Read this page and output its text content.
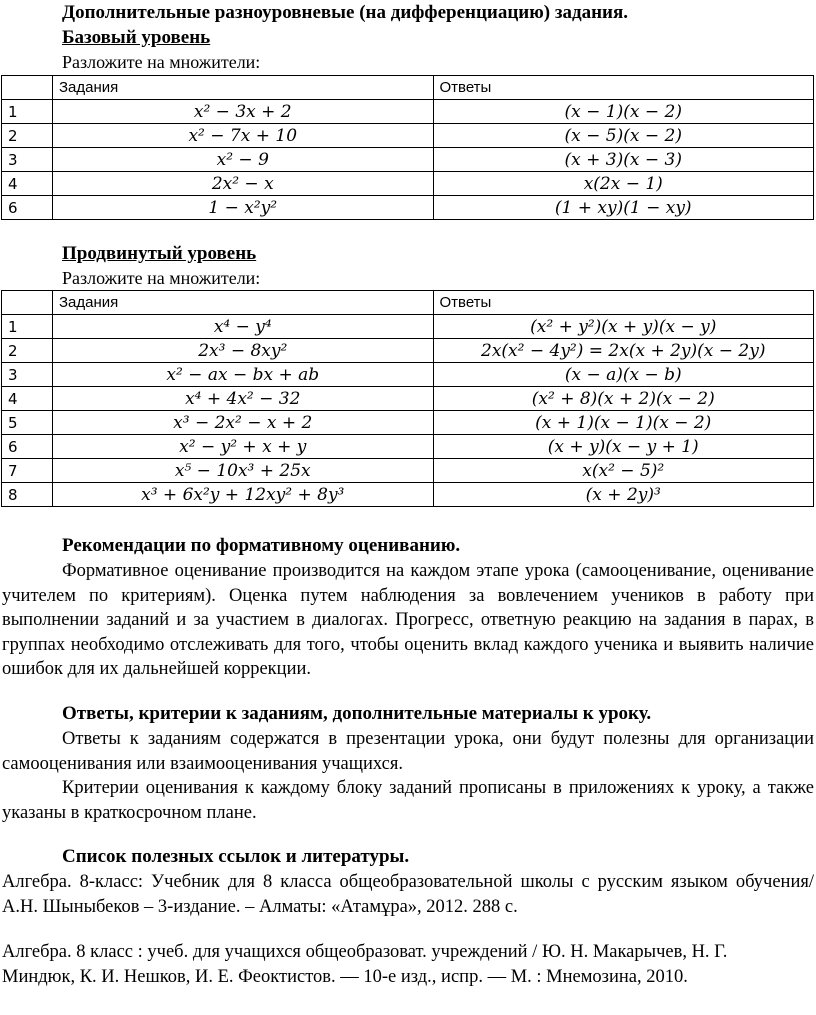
Дополнительные разноуровневые (на дифференциацию) задания.
Базовый уровень
Разложите на множители:
	Задания	Ответы
1	x² − 3x + 2	(x − 1)(x − 2)
2	x² − 7x + 10	(x − 5)(x − 2)
3	x² − 9	(x + 3)(x − 3)
4	2x² − x	x(2x − 1)
6	1 − x²y²	(1 + xy)(1 − xy)
Продвинутый уровень
Разложите на множители:
	Задания	Ответы
1	x⁴ − y⁴	(x² + y²)(x + y)(x − y)
2	2x³ − 8xy²	2x(x² − 4y²) = 2x(x + 2y)(x − 2y)
3	x² − ax − bx + ab	(x − a)(x − b)
4	x⁴ + 4x² − 32	(x² + 8)(x + 2)(x − 2)
5	x³ − 2x² − x + 2	(x + 1)(x − 1)(x − 2)
6	x² − y² + x + y	(x + y)(x − y + 1)
7	x⁵ − 10x³ + 25x	x(x² − 5)²
8	x³ + 6x²y + 12xy² + 8y³	(x + 2y)³
Рекомендации по формативному оцениванию.
Формативное оценивание производится на каждом этапе урока (самооценивание, оценивание учителем по критериям). Оценка путем наблюдения за вовлечением учеников в работу при выполнении заданий и за участием в диалогах. Прогресс, ответную реакцию на задания в парах, в группах необходимо отслеживать для того, чтобы оценить вклад каждого ученика и выявить наличие ошибок для их дальнейшей коррекции.
Ответы, критерии к заданиям, дополнительные материалы к уроку.
Ответы к заданиям содержатся в презентации урока, они будут полезны для организации самооценивания или взаимооценивания учащихся.
Критерии оценивания к каждому блоку заданий прописаны в приложениях к уроку, а также указаны в краткосрочном плане.
Список полезных ссылок и литературы.
Алгебра. 8-класс: Учебник для 8 класса общеобразовательной школы с русским языком обучения/ А.Н. Шыныбеков – 3-издание. – Алматы: «Атамұра», 2012. 288 с.
Алгебра. 8 класс : учеб. для учащихся общеобразоват. учреждений / Ю. Н. Макарычев, Н. Г. Миндюк, К. И. Нешков, И. Е. Феоктистов. — 10-е изд., испр. — М. : Мнемозина, 2010.
